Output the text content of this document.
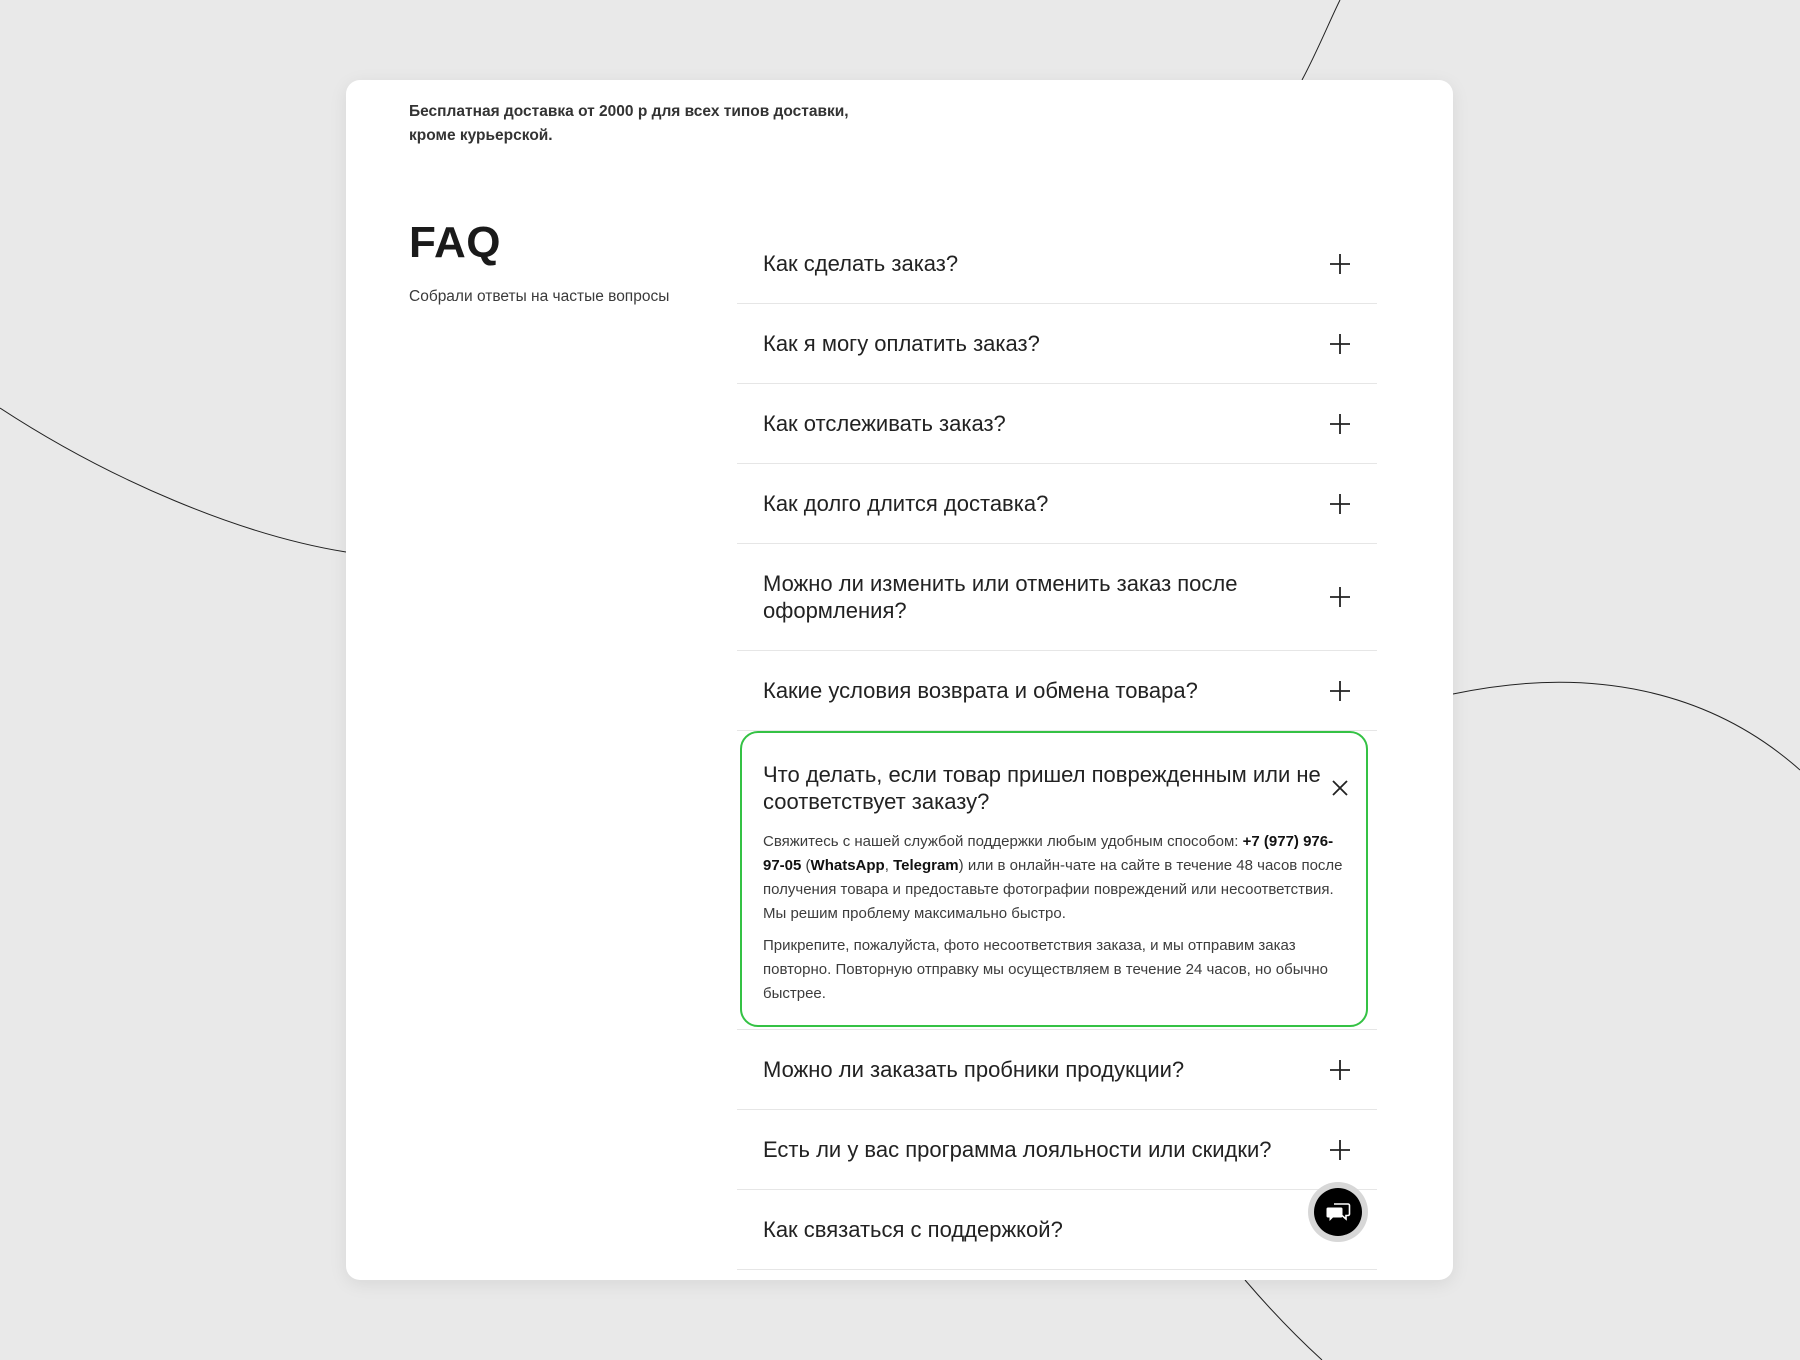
Бесплатная доставка от 2000 р для всех типов доставки,
кроме курьерской.
FAQ
Собрали ответы на частые вопросы
Как сделать заказ?
Как я могу оплатить заказ?
Как отслеживать заказ?
Как долго длится доставка?
Можно ли изменить или отменить заказ после оформления?
Какие условия возврата и обмена товара?
Что делать, если товар пришел поврежденным или не соответствует заказу?

Свяжитесь с нашей службой поддержки любым удобным способом: +7 (977) 976-97-05 (WhatsApp, Telegram) или в онлайн-чате на сайте в течение 48 часов после получения товара и предоставьте фотографии повреждений или несоответствия. Мы решим проблему максимально быстро.

Прикрепите, пожалуйста, фото несоответствия заказа, и мы отправим заказ повторно. Повторную отправку мы осуществляем в течение 24 часов, но обычно быстрее.

Можно ли заказать пробники продукции?
Есть ли у вас программа лояльности или скидки?
Как связаться с поддержкой?
